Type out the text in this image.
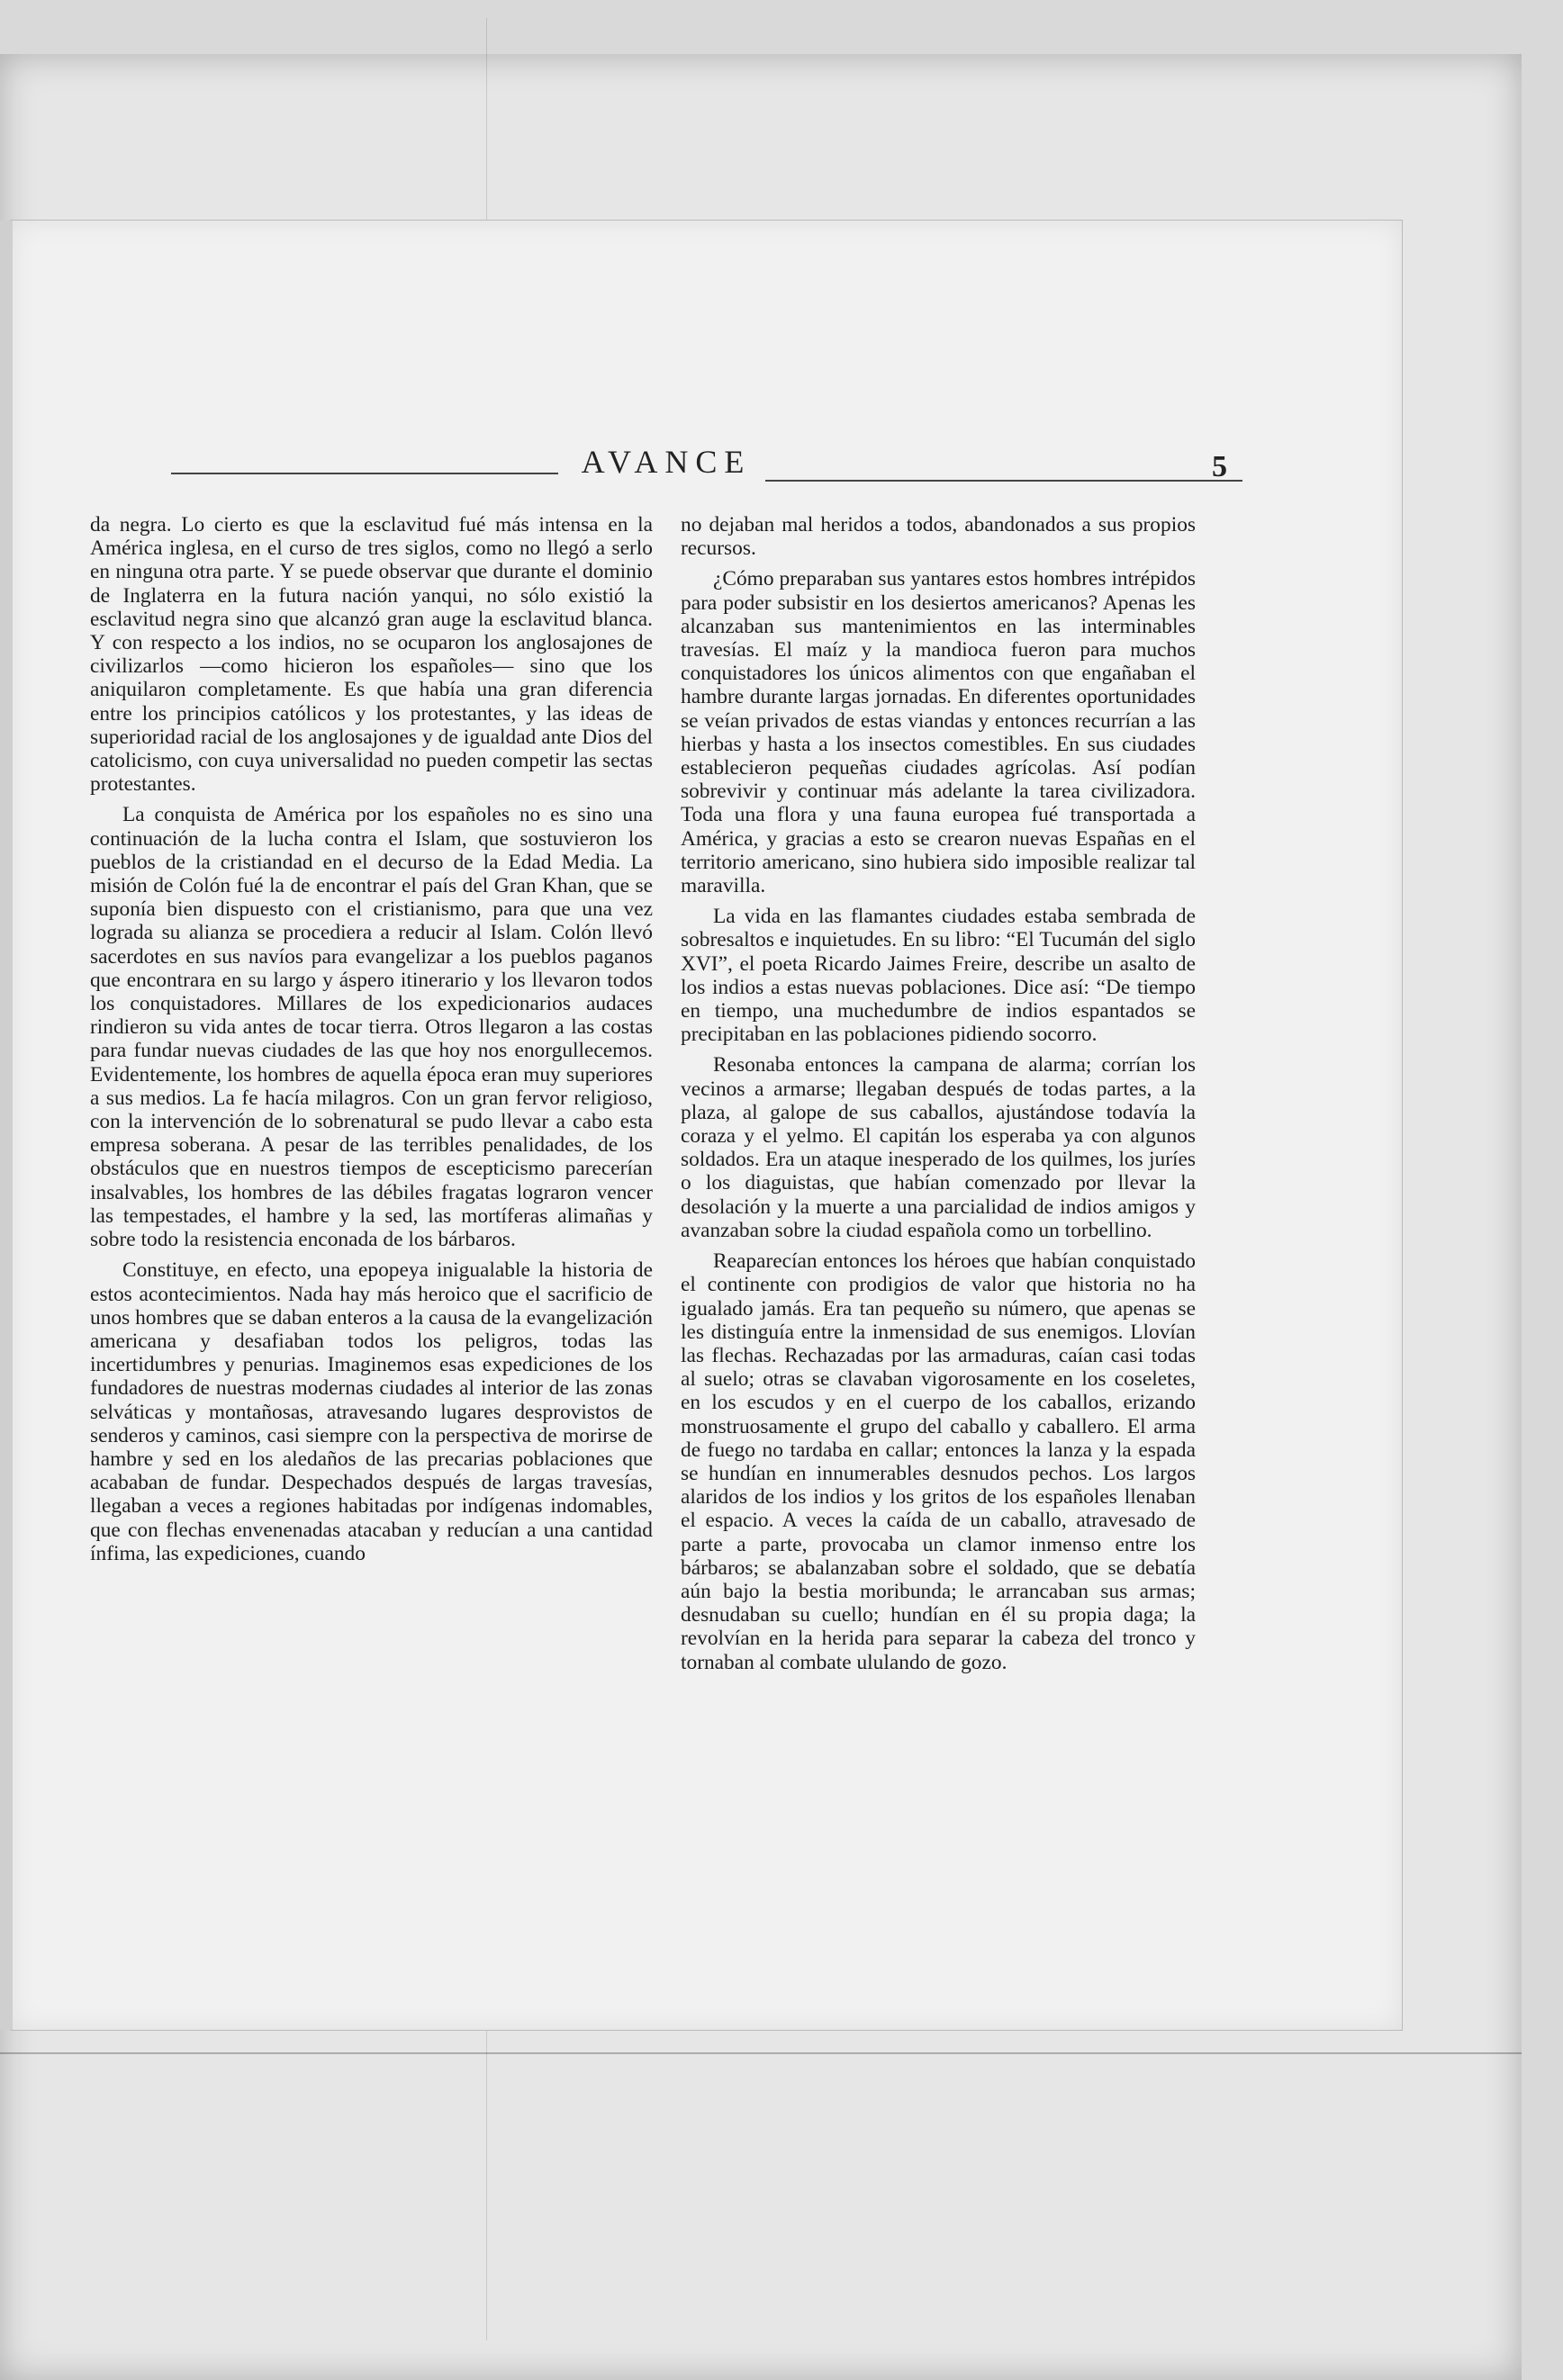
AVANCE	5

da negra. Lo cierto es que la esclavitud fué más intensa en la América inglesa, en el curso de tres siglos, como no llegó a serlo en ninguna otra parte. Y se puede observar que durante el dominio de Inglaterra en la futura nación yanqui, no sólo existió la esclavitud negra sino que alcanzó gran auge la esclavitud blanca. Y con respecto a los indios, no se ocuparon los anglosajones de civilizarlos —como hicieron los españoles— sino que los aniquilaron completamente. Es que había una gran diferencia entre los principios católicos y los protestantes, y las ideas de superioridad racial de los anglosajones y de igualdad ante Dios del catolicismo, con cuya universalidad no pueden competir las sectas protestantes.

La conquista de América por los españoles no es sino una continuación de la lucha contra el Islam, que sostuvieron los pueblos de la cristiandad en el decurso de la Edad Media. La misión de Colón fué la de encontrar el país del Gran Khan, que se suponía bien dispuesto con el cristianismo, para que una vez lograda su alianza se procediera a reducir al Islam. Colón llevó sacerdotes en sus navíos para evangelizar a los pueblos paganos que encontrara en su largo y áspero itinerario y los llevaron todos los conquistadores. Millares de los expedicionarios audaces rindieron su vida antes de tocar tierra. Otros llegaron a las costas para fundar nuevas ciudades de las que hoy nos enorgullecemos. Evidentemente, los hombres de aquella época eran muy superiores a sus medios. La fe hacía milagros. Con un gran fervor religioso, con la intervención de lo sobrenatural se pudo llevar a cabo esta empresa soberana. A pesar de las terribles penalidades, de los obstáculos que en nuestros tiempos de escepticismo parecerían insalvables, los hombres de las débiles fragatas lograron vencer las tempestades, el hambre y la sed, las mortíferas alimañas y sobre todo la resistencia enconada de los bárbaros.

Constituye, en efecto, una epopeya inigualable la historia de estos acontecimientos. Nada hay más heroico que el sacrificio de unos hombres que se daban enteros a la causa de la evangelización americana y desafiaban todos los peligros, todas las incertidumbres y penurias. Imaginemos esas expediciones de los fundadores de nuestras modernas ciudades al interior de las zonas selváticas y montañosas, atravesando lugares desprovistos de senderos y caminos, casi siempre con la perspectiva de morirse de hambre y sed en los aledaños de las precarias poblaciones que acababan de fundar. Despechados después de largas travesías, llegaban a veces a regiones habitadas por indígenas indomables, que con flechas envenenadas atacaban y reducían a una cantidad ínfima, las expediciones, cuando

no dejaban mal heridos a todos, abandonados a sus propios recursos.

¿Cómo preparaban sus yantares estos hombres intrépidos para poder subsistir en los desiertos americanos? Apenas les alcanzaban sus mantenimientos en las interminables travesías. El maíz y la mandioca fueron para muchos conquistadores los únicos alimentos con que engañaban el hambre durante largas jornadas. En diferentes oportunidades se veían privados de estas viandas y entonces recurrían a las hierbas y hasta a los insectos comestibles. En sus ciudades establecieron pequeñas ciudades agrícolas. Así podían sobrevivir y continuar más adelante la tarea civilizadora. Toda una flora y una fauna europea fué transportada a América, y gracias a esto se crearon nuevas Españas en el territorio americano, sino hubiera sido imposible realizar tal maravilla.

La vida en las flamantes ciudades estaba sembrada de sobresaltos e inquietudes. En su libro: “El Tucumán del siglo XVI”, el poeta Ricardo Jaimes Freire, describe un asalto de los indios a estas nuevas poblaciones. Dice así: “De tiempo en tiempo, una muchedumbre de indios espantados se precipitaban en las poblaciones pidiendo socorro.

Resonaba entonces la campana de alarma; corrían los vecinos a armarse; llegaban después de todas partes, a la plaza, al galope de sus caballos, ajustándose todavía la coraza y el yelmo. El capitán los esperaba ya con algunos soldados. Era un ataque inesperado de los quilmes, los juríes o los diaguistas, que habían comenzado por llevar la desolación y la muerte a una parcialidad de indios amigos y avanzaban sobre la ciudad española como un torbellino.

Reaparecían entonces los héroes que habían conquistado el continente con prodigios de valor que historia no ha igualado jamás. Era tan pequeño su número, que apenas se les distinguía entre la inmensidad de sus enemigos. Llovían las flechas. Rechazadas por las armaduras, caían casi todas al suelo; otras se clavaban vigorosamente en los coseletes, en los escudos y en el cuerpo de los caballos, erizando monstruosamente el grupo del caballo y caballero. El arma de fuego no tardaba en callar; entonces la lanza y la espada se hundían en innumerables desnudos pechos. Los largos alaridos de los indios y los gritos de los españoles llenaban el espacio. A veces la caída de un caballo, atravesado de parte a parte, provocaba un clamor inmenso entre los bárbaros; se abalanzaban sobre el soldado, que se debatía aún bajo la bestia moribunda; le arrancaban sus armas; desnudaban su cuello; hundían en él su propia daga; la revolvían en la herida para separar la cabeza del tronco y tornaban al combate ululando de gozo.
